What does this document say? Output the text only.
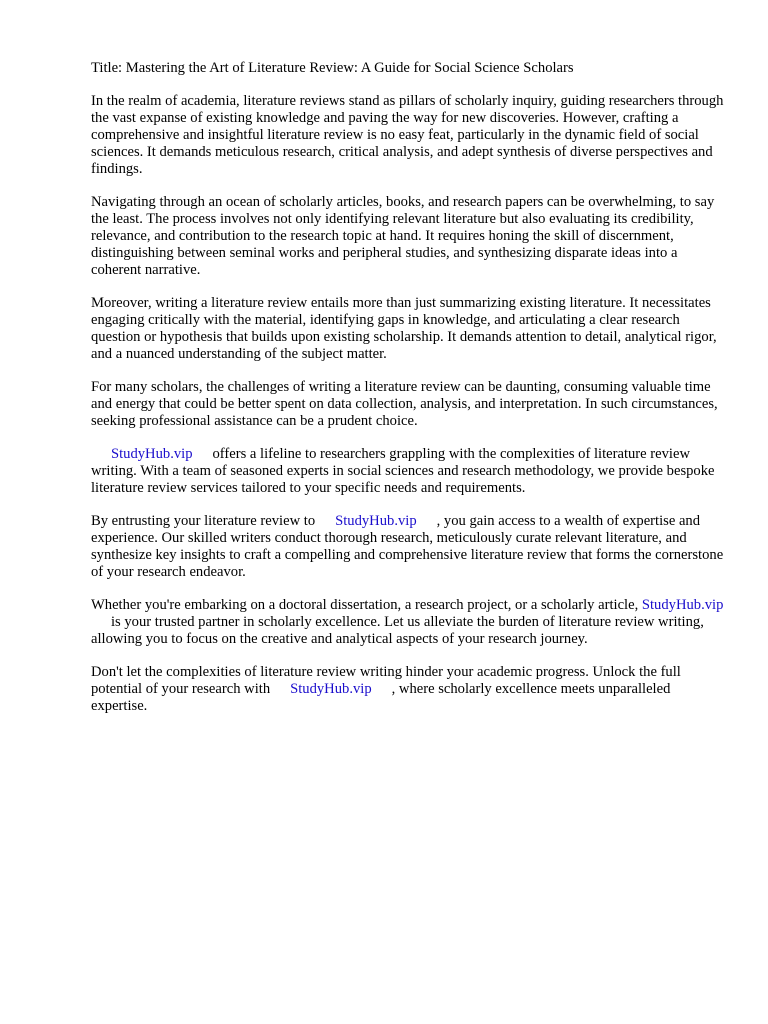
Title: Mastering the Art of Literature Review: A Guide for Social Science Scholars

In the realm of academia, literature reviews stand as pillars of scholarly inquiry, guiding researchers through the vast expanse of existing knowledge and paving the way for new discoveries. However, crafting a comprehensive and insightful literature review is no easy feat, particularly in the dynamic field of social sciences. It demands meticulous research, critical analysis, and adept synthesis of diverse perspectives and findings.

Navigating through an ocean of scholarly articles, books, and research papers can be overwhelming, to say the least. The process involves not only identifying relevant literature but also evaluating its credibility, relevance, and contribution to the research topic at hand. It requires honing the skill of discernment, distinguishing between seminal works and peripheral studies, and synthesizing disparate ideas into a coherent narrative.

Moreover, writing a literature review entails more than just summarizing existing literature. It necessitates engaging critically with the material, identifying gaps in knowledge, and articulating a clear research question or hypothesis that builds upon existing scholarship. It demands attention to detail, analytical rigor, and a nuanced understanding of the subject matter.

For many scholars, the challenges of writing a literature review can be daunting, consuming valuable time and energy that could be better spent on data collection, analysis, and interpretation. In such circumstances, seeking professional assistance can be a prudent choice.

StudyHub.vip offers a lifeline to researchers grappling with the complexities of literature review writing. With a team of seasoned experts in social sciences and research methodology, we provide bespoke literature review services tailored to your specific needs and requirements.

By entrusting your literature review to StudyHub.vip , you gain access to a wealth of expertise and experience. Our skilled writers conduct thorough research, meticulously curate relevant literature, and synthesize key insights to craft a compelling and comprehensive literature review that forms the cornerstone of your research endeavor.

Whether you're embarking on a doctoral dissertation, a research project, or a scholarly article, StudyHub.vipis your trusted partner in scholarly excellence. Let us alleviate the burden of literature review writing, allowing you to focus on the creative and analytical aspects of your research journey.

Don't let the complexities of literature review writing hinder your academic progress. Unlock the full potential of your research with StudyHub.vip , where scholarly excellence meets unparalleled expertise.
